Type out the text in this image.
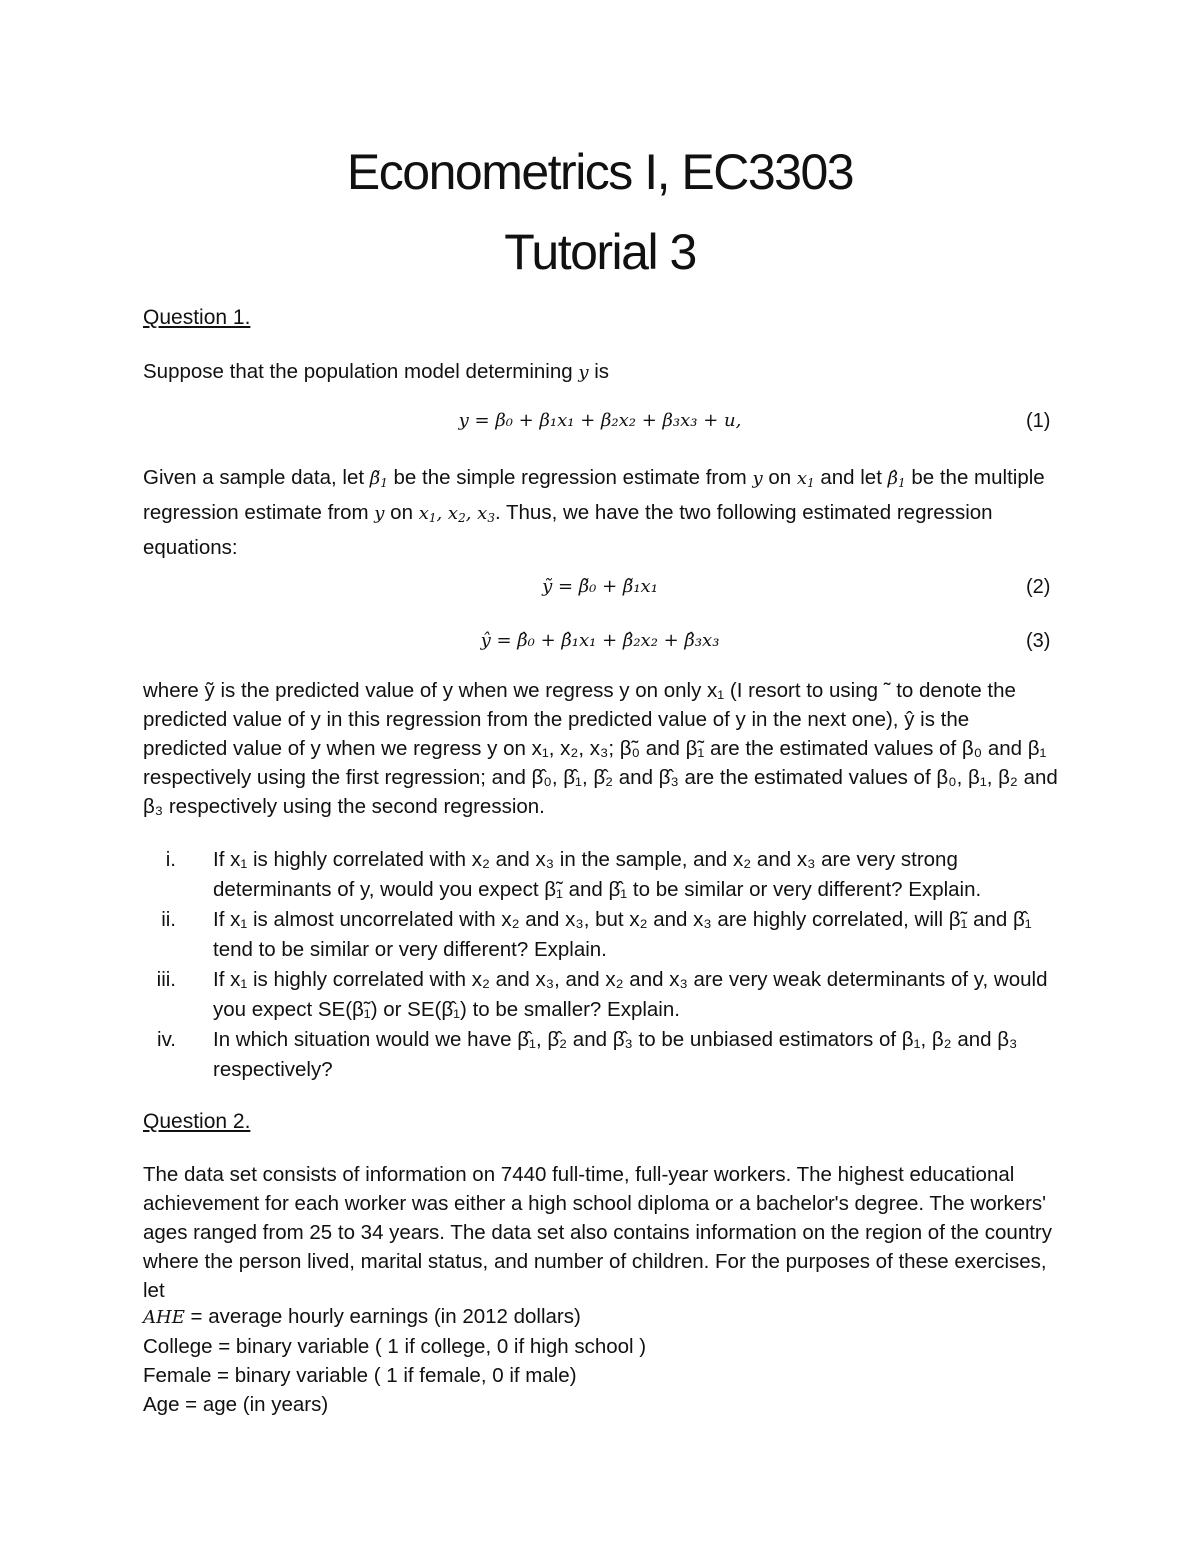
Econometrics I, EC3303
Tutorial 3

Question 1.

Suppose that the population model determining y is

y = β₀ + β₁x₁ + β₂x₂ + β₃x₃ + u,	(1)

Given a sample data, let $\betã_1$ be the simple regression estimate from y on $x_1$ and let $\betâ_1$ be the multiple regression estimate from y on $x_1$, $x_2$, $x_3$. Thus, we have the two following estimated regression equations:

ỹ = β̃₀ + β̃₁x₁	(2)
ŷ = β̂₀ + β̂₁x₁ + β̂₂x₂ + β̂₃x₃	(3)

where ỹ is the predicted value of y when we regress y on only x₁ (I resort to using ˜ to denote the predicted value of y in this regression from the predicted value of y in the next one), ŷ is the predicted value of y when we regress y on x₁, x₂, x₃; β̃₀ and β̃₁ are the estimated values of β₀ and β₁ respectively using the first regression; and β̂₀, β̂₁, β̂₂ and β̂₃ are the estimated values of β₀, β₁, β₂ and β₃ respectively using the second regression.

i. If x₁ is highly correlated with x₂ and x₃ in the sample, and x₂ and x₃ are very strong determinants of y, would you expect β̃₁ and β̂₁ to be similar or very different? Explain.
ii. If x₁ is almost uncorrelated with x₂ and x₃, but x₂ and x₃ are highly correlated, will β̃₁ and β̂₁ tend to be similar or very different? Explain.
iii. If x₁ is highly correlated with x₂ and x₃, and x₂ and x₃ are very weak determinants of y, would you expect SE(β̃₁) or SE(β̂₁) to be smaller? Explain.
iv. In which situation would we have β̂₁, β̂₂ and β̂₃ to be unbiased estimators of β₁, β₂ and β₃ respectively?

Question 2.

The data set consists of information on 7440 full-time, full-year workers. The highest educational achievement for each worker was either a high school diploma or a bachelor's degree. The workers' ages ranged from 25 to 34 years. The data set also contains information on the region of the country where the person lived, marital status, and number of children. For the purposes of these exercises, let

AHE = average hourly earnings (in 2012 dollars)
College = binary variable ( 1 if college, 0 if high school )
Female = binary variable ( 1 if female, 0 if male)
Age = age (in years)
